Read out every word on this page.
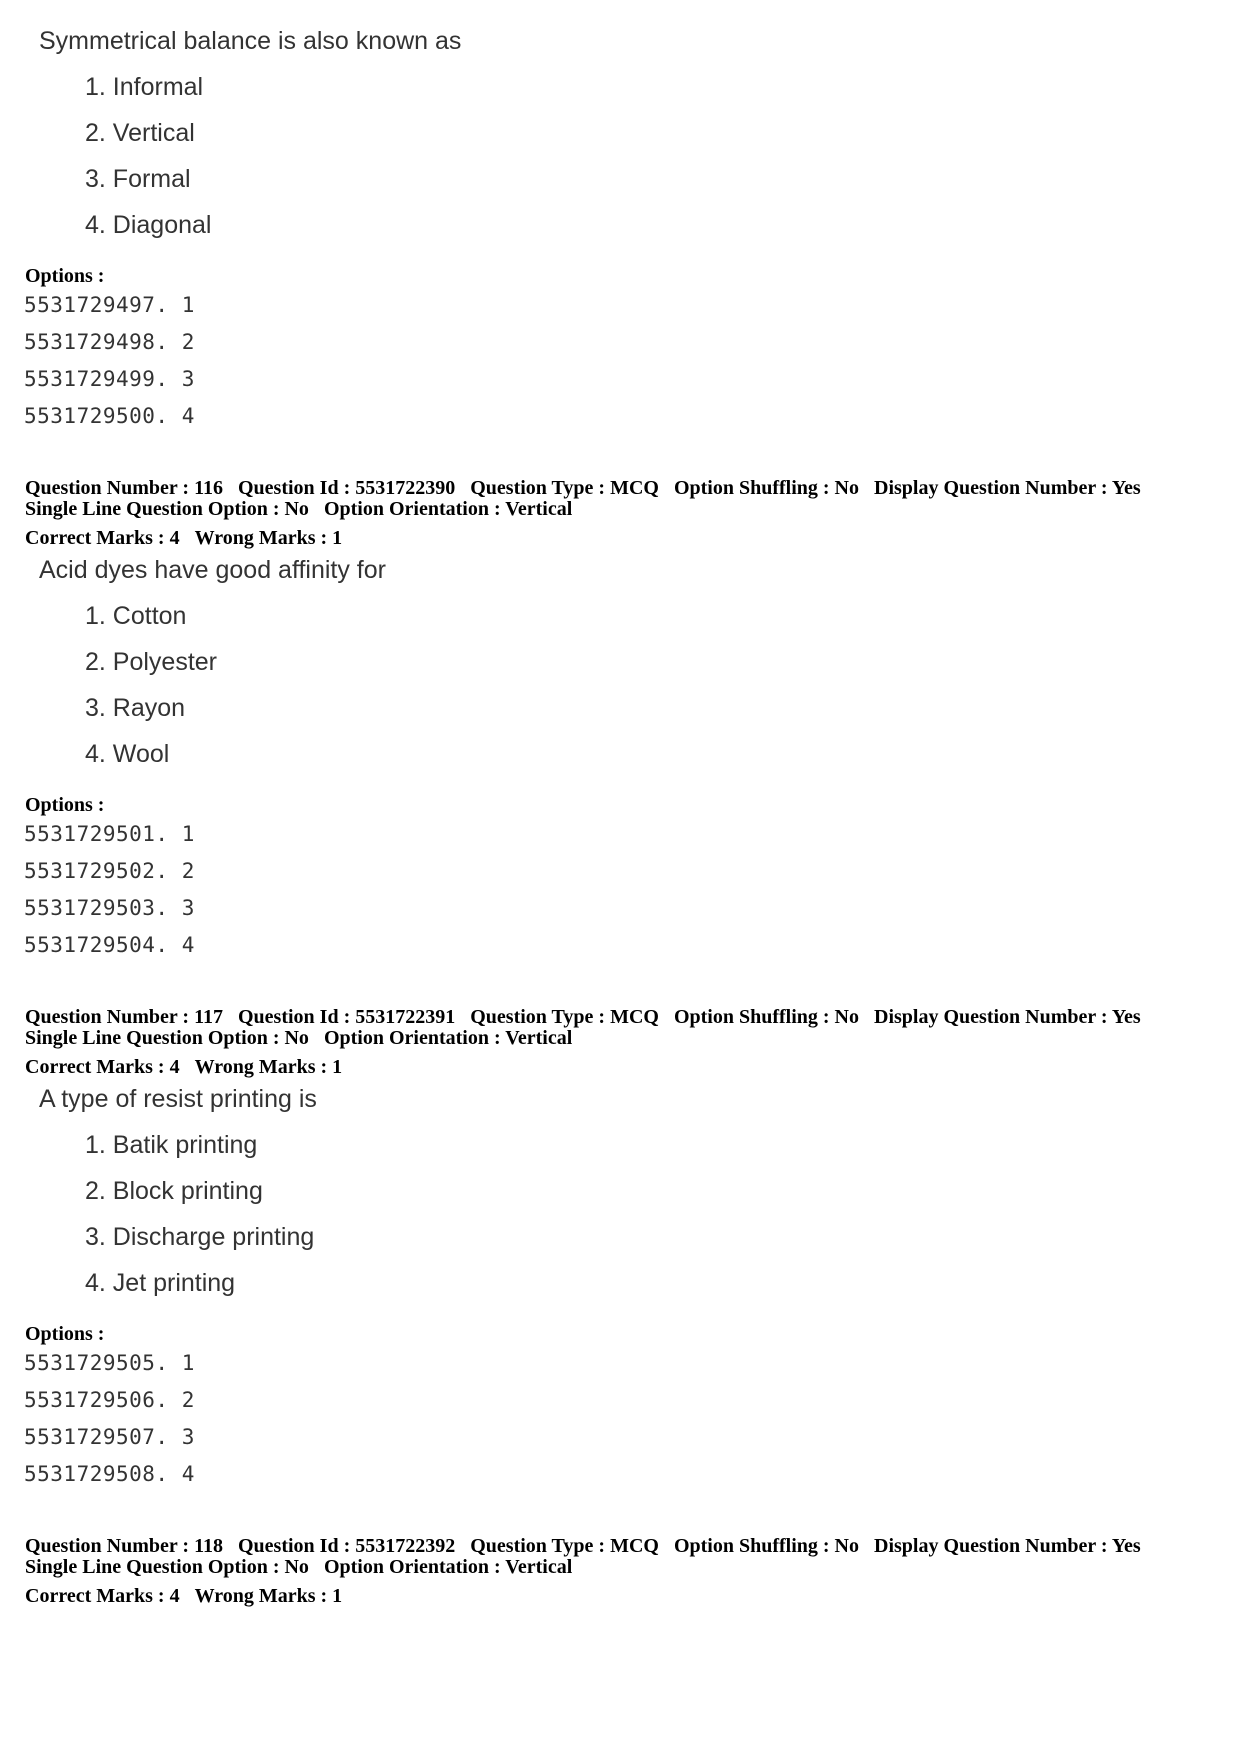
Symmetrical balance is also known as
1. Informal
2. Vertical
3. Formal
4. Diagonal
Options :
5531729497. 1
5531729498. 2
5531729499. 3
5531729500. 4
Question Number : 116 Question Id : 5531722390 Question Type : MCQ Option Shuffling : No Display Question Number : Yes
Single Line Question Option : No Option Orientation : Vertical
Correct Marks : 4 Wrong Marks : 1
Acid dyes have good affinity for
1. Cotton
2. Polyester
3. Rayon
4. Wool
Options :
5531729501. 1
5531729502. 2
5531729503. 3
5531729504. 4
Question Number : 117 Question Id : 5531722391 Question Type : MCQ Option Shuffling : No Display Question Number : Yes
Single Line Question Option : No Option Orientation : Vertical
Correct Marks : 4 Wrong Marks : 1
A type of resist printing is
1. Batik printing
2. Block printing
3. Discharge printing
4. Jet printing
Options :
5531729505. 1
5531729506. 2
5531729507. 3
5531729508. 4
Question Number : 118 Question Id : 5531722392 Question Type : MCQ Option Shuffling : No Display Question Number : Yes
Single Line Question Option : No Option Orientation : Vertical
Correct Marks : 4 Wrong Marks : 1
